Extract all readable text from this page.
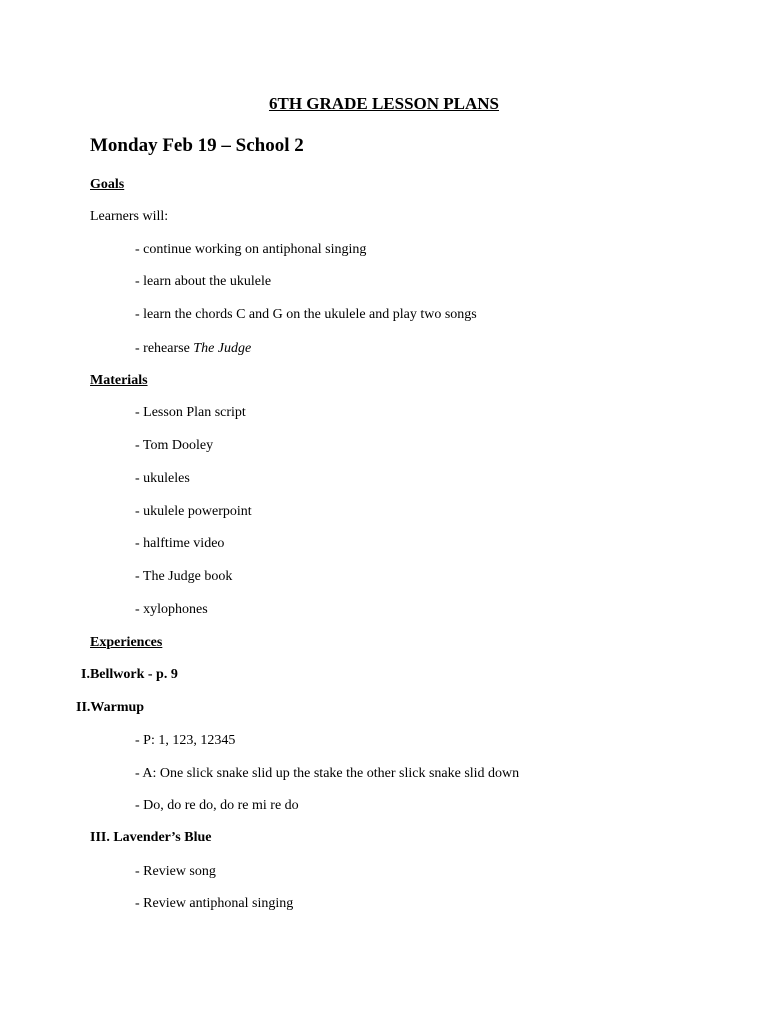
6TH GRADE LESSON PLANS
Monday Feb 19 – School 2
Goals
Learners will:
- continue working on antiphonal singing
- learn about the ukulele
- learn the chords C and G on the ukulele and play two songs
- rehearse The Judge
Materials
- Lesson Plan script
- Tom Dooley
- ukuleles
- ukulele powerpoint
- halftime video
- The Judge book
- xylophones
Experiences
I.Bellwork - p. 9
II.Warmup
- P: 1, 123, 12345
- A: One slick snake slid up the stake the other slick snake slid down
- Do, do re do, do re mi re do
III. Lavender’s Blue
- Review song
- Review antiphonal singing
